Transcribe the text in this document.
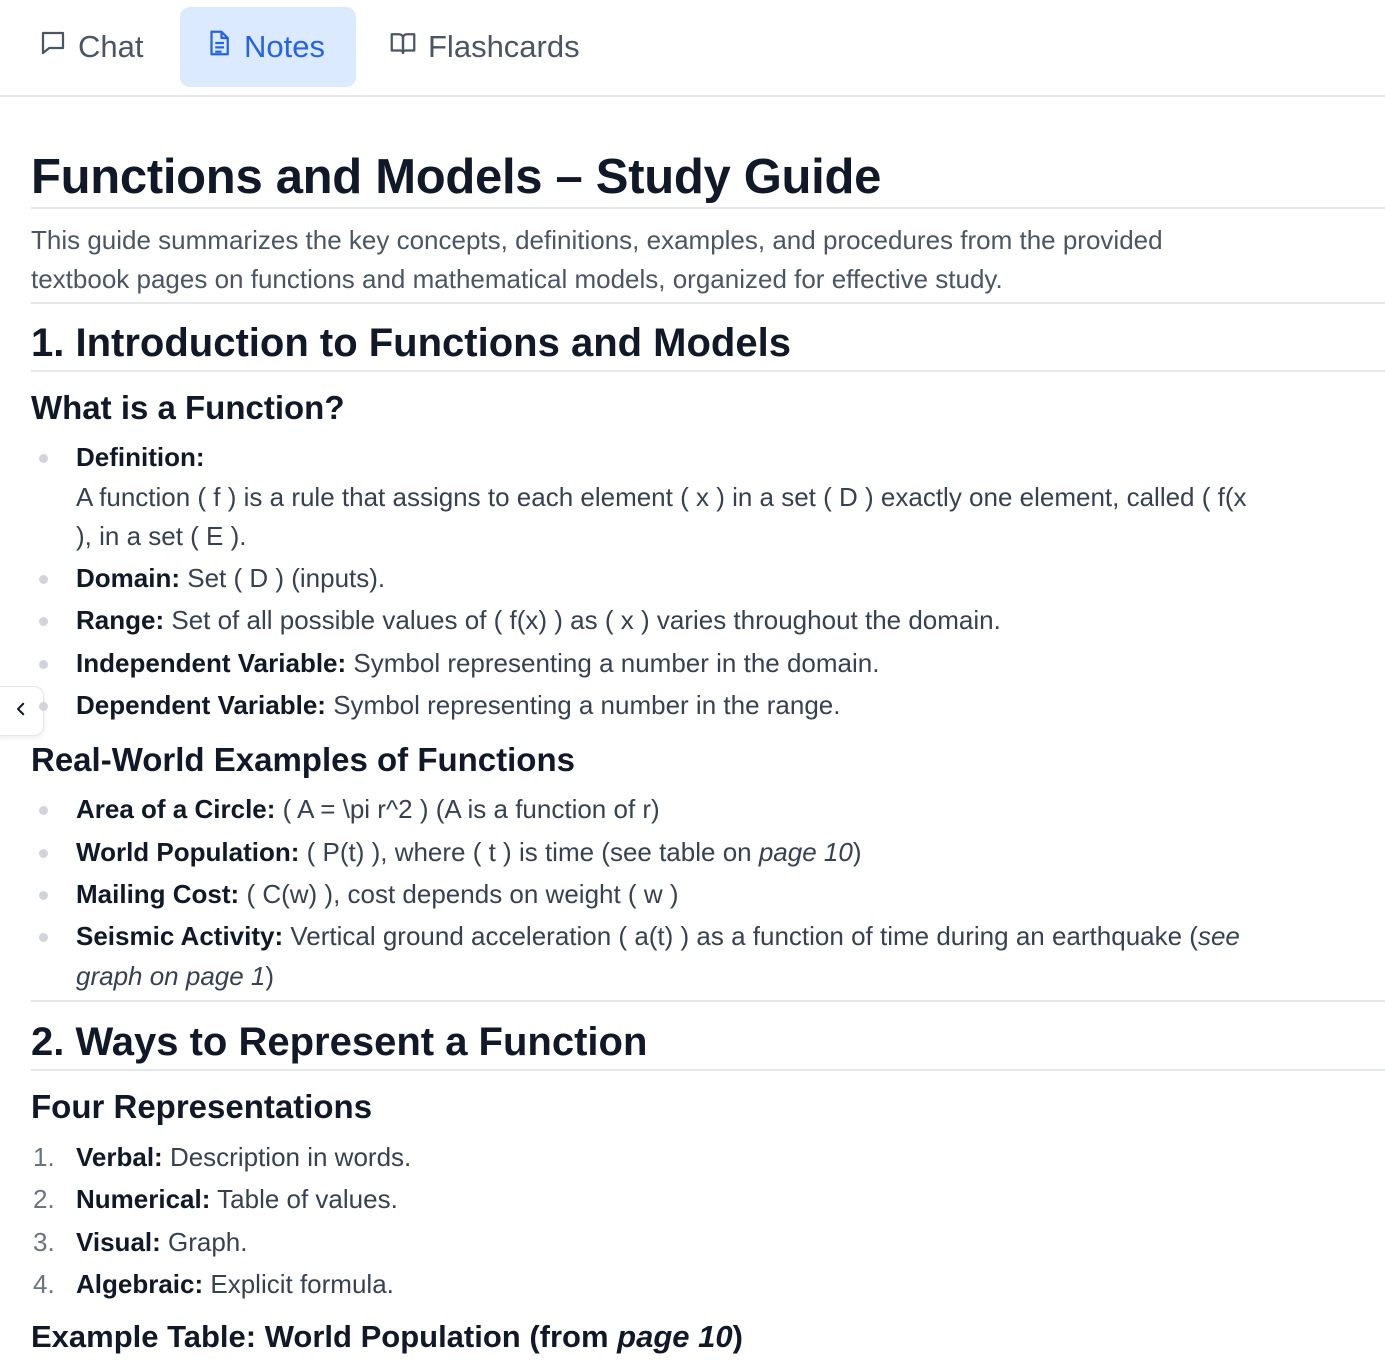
Chat	Notes	Flashcards
Functions and Models – Study Guide
This guide summarizes the key concepts, definitions, examples, and procedures from the provided
textbook pages on functions and mathematical models, organized for effective study.
1. Introduction to Functions and Models
What is a Function?
Definition:
A function ( f ) is a rule that assigns to each element ( x ) in a set ( D ) exactly one element, called ( f(x
), in a set ( E ).
Domain: Set ( D ) (inputs).
Range: Set of all possible values of ( f(x) ) as ( x ) varies throughout the domain.
Independent Variable: Symbol representing a number in the domain.
Dependent Variable: Symbol representing a number in the range.
Real-World Examples of Functions
Area of a Circle: ( A = \pi r^2 ) (A is a function of r)
World Population: ( P(t) ), where ( t ) is time (see table on page 10)
Mailing Cost: ( C(w) ), cost depends on weight ( w )
Seismic Activity: Vertical ground acceleration ( a(t) ) as a function of time during an earthquake (see
graph on page 1)
2. Ways to Represent a Function
Four Representations
1. Verbal: Description in words.
2. Numerical: Table of values.
3. Visual: Graph.
4. Algebraic: Explicit formula.
Example Table: World Population (from page 10)
